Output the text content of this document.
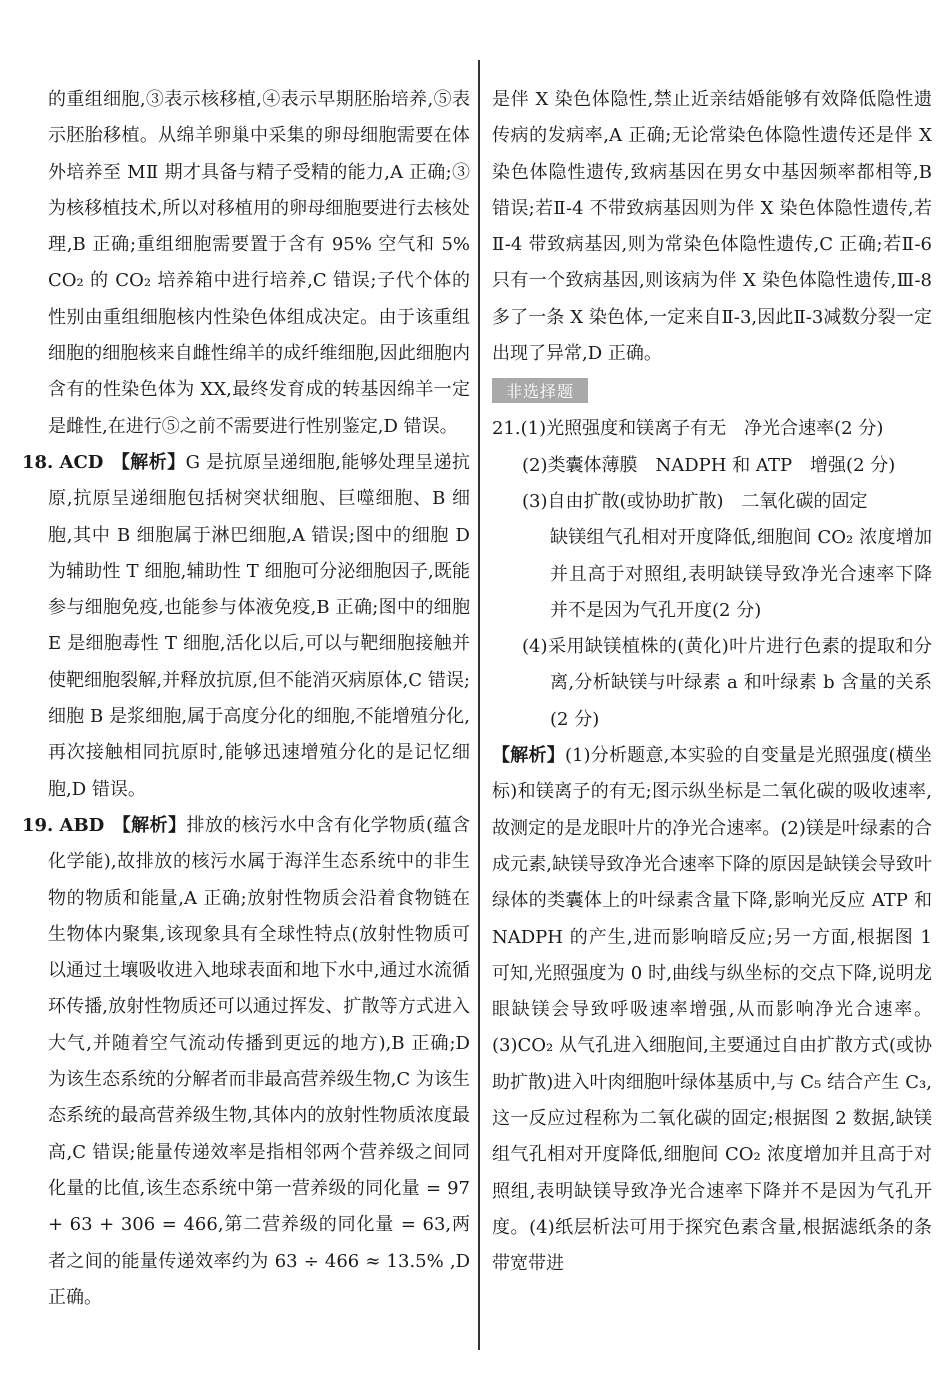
的重组细胞,③表示核移植,④表示早期胚胎培养,⑤表示胚胎移植。从绵羊卵巢中采集的卵母细胞需要在体外培养至 MⅡ 期才具备与精子受精的能力,A 正确;③为核移植技术,所以对移植用的卵母细胞要进行去核处理,B 正确;重组细胞需要置于含有 95% 空气和 5% CO₂ 的 CO₂ 培养箱中进行培养,C 错误;子代个体的性别由重组细胞核内性染色体组成决定。由于该重组细胞的细胞核来自雌性绵羊的成纤维细胞,因此细胞内含有的性染色体为 XX,最终发育成的转基因绵羊一定是雌性,在进行⑤之前不需要进行性别鉴定,D 错误。

18. ACD 【解析】G 是抗原呈递细胞,能够处理呈递抗原,抗原呈递细胞包括树突状细胞、巨噬细胞、B 细胞,其中 B 细胞属于淋巴细胞,A 错误;图中的细胞 D 为辅助性 T 细胞,辅助性 T 细胞可分泌细胞因子,既能参与细胞免疫,也能参与体液免疫,B 正确;图中的细胞 E 是细胞毒性 T 细胞,活化以后,可以与靶细胞接触并使靶细胞裂解,并释放抗原,但不能消灭病原体,C 错误;细胞 B 是浆细胞,属于高度分化的细胞,不能增殖分化,再次接触相同抗原时,能够迅速增殖分化的是记忆细胞,D 错误。
19. ABD 【解析】排放的核污水中含有化学物质(蕴含化学能),故排放的核污水属于海洋生态系统中的非生物的物质和能量,A 正确;放射性物质会沿着食物链在生物体内聚集,该现象具有全球性特点(放射性物质可以通过土壤吸收进入地球表面和地下水中,通过水流循环传播,放射性物质还可以通过挥发、扩散等方式进入大气,并随着空气流动传播到更远的地方),B 正确;D 为该生态系统的分解者而非最高营养级生物,C 为该生态系统的最高营养级生物,其体内的放射性物质浓度最高,C 错误;能量传递效率是指相邻两个营养级之间同化量的比值,该生态系统中第一营养级的同化量 = 97 + 63 + 306 = 466,第二营养级的同化量 = 63,两者之间的能量传递效率约为 63 ÷ 466 ≈ 13.5% ,D 正确。

是伴 X 染色体隐性,禁止近亲结婚能够有效降低隐性遗传病的发病率,A 正确;无论常染色体隐性遗传还是伴 X 染色体隐性遗传,致病基因在男女中基因频率都相等,B 错误;若Ⅱ-4 不带致病基因则为伴 X 染色体隐性遗传,若Ⅱ-4 带致病基因,则为常染色体隐性遗传,C 正确;若Ⅱ-6 只有一个致病基因,则该病为伴 X 染色体隐性遗传,Ⅲ-8多了一条 X 染色体,一定来自Ⅱ-3,因此Ⅱ-3减数分裂一定出现了异常,D 正确。

非选择题
21.(1)光照强度和镁离子有无　净光合速率(2 分)
(2)类囊体薄膜　NADPH 和 ATP　增强(2 分)
(3)自由扩散(或协助扩散)　二氧化碳的固定
缺镁组气孔相对开度降低,细胞间 CO₂ 浓度增加并且高于对照组,表明缺镁导致净光合速率下降并不是因为气孔开度(2 分)
(4)采用缺镁植株的(黄化)叶片进行色素的提取和分离,分析缺镁与叶绿素 a 和叶绿素 b 含量的关系(2 分)
【解析】(1)分析题意,本实验的自变量是光照强度(横坐标)和镁离子的有无;图示纵坐标是二氧化碳的吸收速率,故测定的是龙眼叶片的净光合速率。(2)镁是叶绿素的合成元素,缺镁导致净光合速率下降的原因是缺镁会导致叶绿体的类囊体上的叶绿素含量下降,影响光反应 ATP 和 NADPH 的产生,进而影响暗反应;另一方面,根据图 1 可知,光照强度为 0 时,曲线与纵坐标的交点下降,说明龙眼缺镁会导致呼吸速率增强,从而影响净光合速率。(3)CO₂ 从气孔进入细胞间,主要通过自由扩散方式(或协助扩散)进入叶肉细胞叶绿体基质中,与 C₅ 结合产生 C₃,这一反应过程称为二氧化碳的固定;根据图 2 数据,缺镁组气孔相对开度降低,细胞间 CO₂ 浓度增加并且高于对照组,表明缺镁导致净光合速率下降并不是因为气孔开度。(4)纸层析法可用于探究色素含量,根据滤纸条的条带宽带进
